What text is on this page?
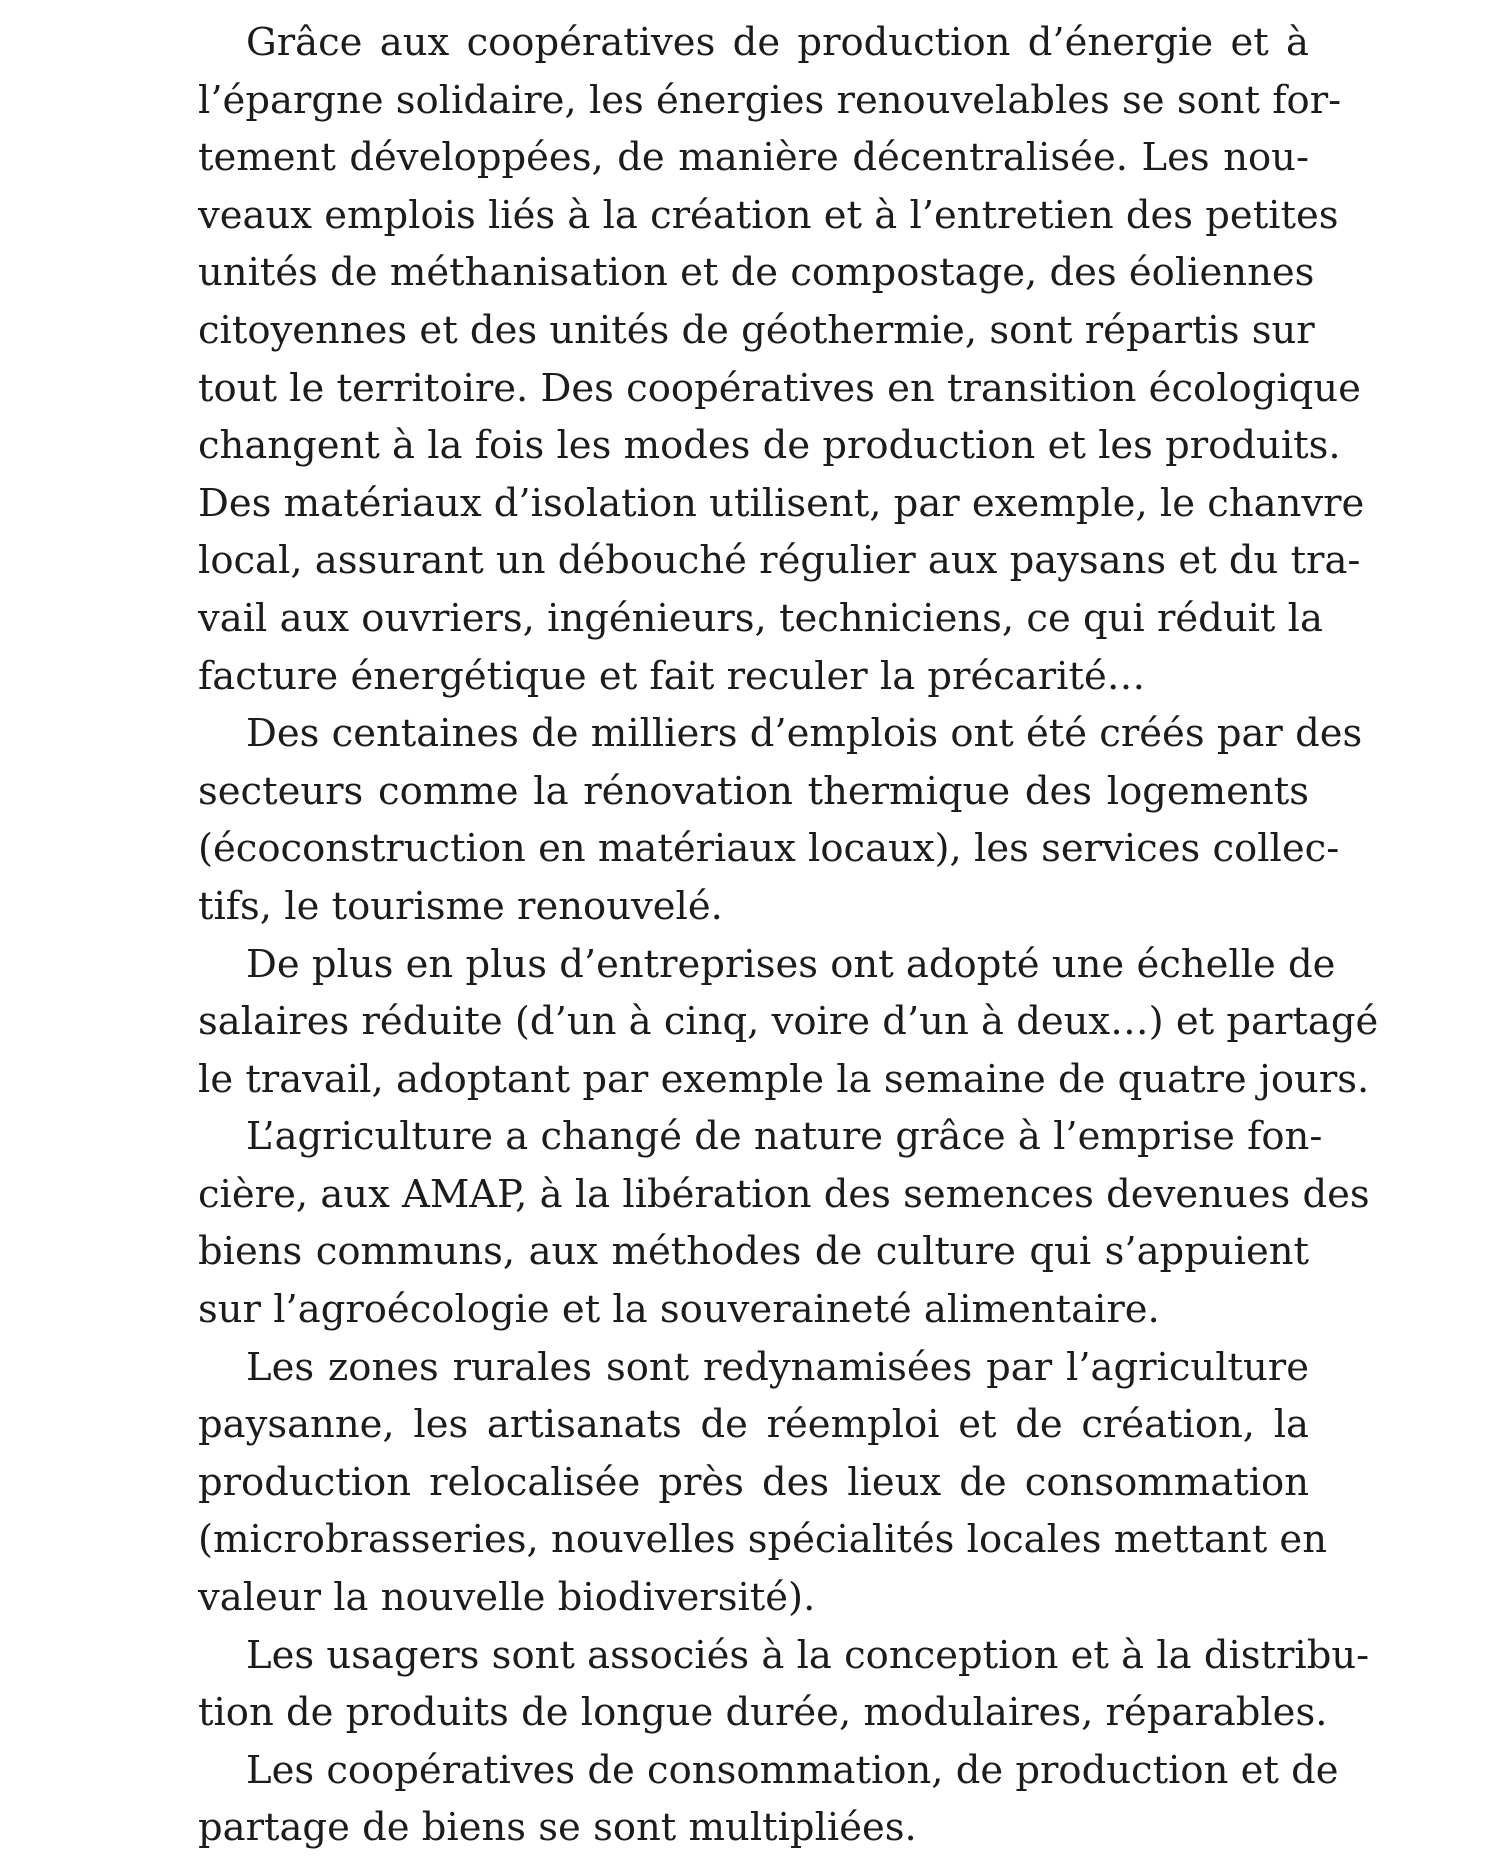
Grâce aux coopératives de production d’énergie et à
l’épargne solidaire, les énergies renouvelables se sont for-
tement développées, de manière décentralisée. Les nou-
veaux emplois liés à la création et à l’entretien des petites
unités de méthanisation et de compostage, des éoliennes
citoyennes et des unités de géothermie, sont répartis sur
tout le territoire. Des coopératives en transition écologique
changent à la fois les modes de production et les produits.
Des matériaux d’isolation utilisent, par exemple, le chanvre
local, assurant un débouché régulier aux paysans et du tra-
vail aux ouvriers, ingénieurs, techniciens, ce qui réduit la
facture énergétique et fait reculer la précarité…
Des centaines de milliers d’emplois ont été créés par des
secteurs comme la rénovation thermique des logements
(écoconstruction en matériaux locaux), les services collec-
tifs, le tourisme renouvelé.
De plus en plus d’entreprises ont adopté une échelle de
salaires réduite (d’un à cinq, voire d’un à deux…) et partagé
le travail, adoptant par exemple la semaine de quatre jours.
L’agriculture a changé de nature grâce à l’emprise fon-
cière, aux AMAP, à la libération des semences devenues des
biens communs, aux méthodes de culture qui s’appuient
sur l’agroécologie et la souveraineté alimentaire.
Les zones rurales sont redynamisées par l’agriculture
paysanne, les artisanats de réemploi et de création, la
production relocalisée près des lieux de consommation
(microbrasseries, nouvelles spécialités locales mettant en
valeur la nouvelle biodiversité).
Les usagers sont associés à la conception et à la distribu-
tion de produits de longue durée, modulaires, réparables.
Les coopératives de consommation, de production et de
partage de biens se sont multipliées.
